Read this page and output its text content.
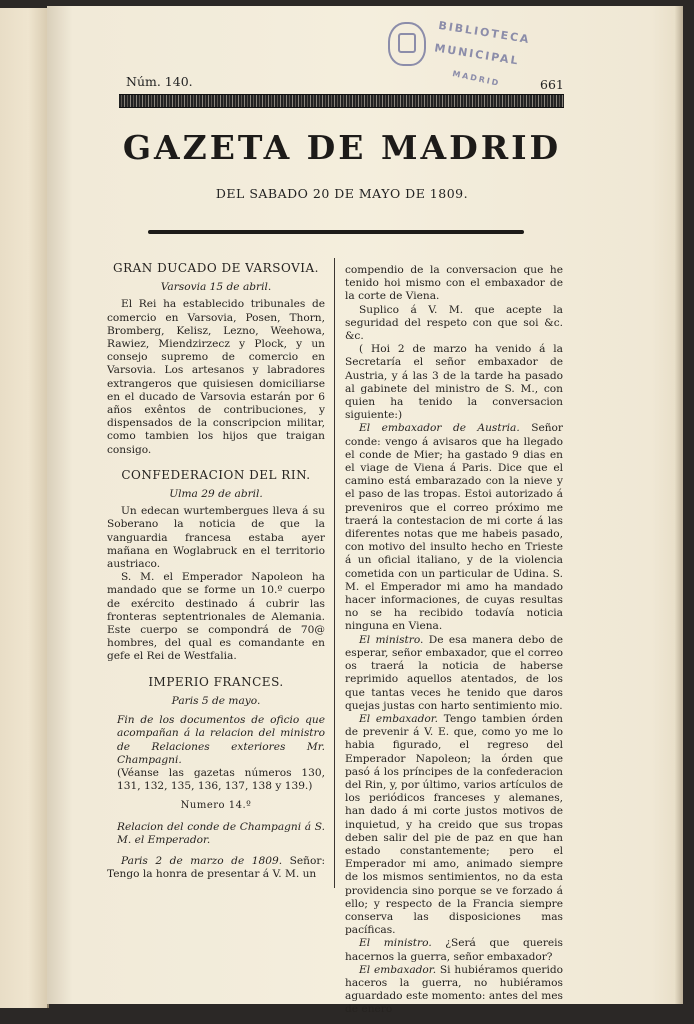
BIBLIOTECA
MUNICIPAL
MADRID
Núm. 140.	661
GAZETA DE MADRID
DEL SABADO 20 DE MAYO DE 1809.
GRAN DUCADO DE VARSOVIA.

Varsovia 15 de abril.

El Rei ha establecido tribunales de comercio en Varsovia, Posen, Thorn, Bromberg, Kelisz, Lezno, Weehowa, Rawiez, Miendzirzecz y Plock, y un consejo supremo de comercio en Varsovia. Los artesanos y labradores extrangeros que quisiesen domiciliarse en el ducado de Varsovia estarán por 6 años exêntos de contribuciones, y dispensados de la conscripcion militar, como tambien los hijos que traigan consigo.

CONFEDERACION DEL RIN.

Ulma 29 de abril.

Un edecan wurtembergues lleva á su Soberano la noticia de que la vanguardia francesa estaba ayer mañana en Woglabruck en el territorio austriaco.

S. M. el Emperador Napoleon ha mandado que se forme un 10.º cuerpo de exército destinado á cubrir las fronteras septentrionales de Alemania. Este cuerpo se compondrá de 70@ hombres, del qual es comandante en gefe el Rei de Westfalia.

IMPERIO FRANCES.

Paris 5 de mayo.

Fin de los documentos de oficio que acompañan á la relacion del ministro de Relaciones exteriores Mr. Champagni.

(Véanse las gazetas números 130, 131, 132, 135, 136, 137, 138 y 139.)

Numero 14.º

Relacion del conde de Champagni á S. M. el Emperador.

Paris 2 de marzo de 1809. Señor: Tengo la honra de presentar á V. M. un

compendio de la conversacion que he tenido hoi mismo con el embaxador de la corte de Viena.

Suplico á V. M. que acepte la seguridad del respeto con que soi &c. &c.

( Hoi 2 de marzo ha venido á la Secretaría el señor embaxador de Austria, y á las 3 de la tarde ha pasado al gabinete del ministro de S. M., con quien ha tenido la conversacion siguiente:)

El embaxador de Austria. Señor conde: vengo á avisaros que ha llegado el conde de Mier; ha gastado 9 dias en el viage de Viena á Paris. Dice que el camino está embarazado con la nieve y el paso de las tropas. Estoi autorizado á preveniros que el correo próximo me traerá la contestacion de mi corte á las diferentes notas que me habeis pasado, con motivo del insulto hecho en Trieste á un oficial italiano, y de la violencia cometida con un particular de Udina. S. M. el Emperador mi amo ha mandado hacer informaciones, de cuyas resultas no se ha recibido todavía noticia ninguna en Viena.

El ministro. De esa manera debo de esperar, señor embaxador, que el correo os traerá la noticia de haberse reprimido aquellos atentados, de los que tantas veces he tenido que daros quejas justas con harto sentimiento mio.

El embaxador. Tengo tambien órden de prevenir á V. E. que, como yo me lo habia figurado, el regreso del Emperador Napoleon; la órden que pasó á los príncipes de la confederacion del Rin, y, por último, varios artículos de los periódicos franceses y alemanes, han dado á mi corte justos motivos de inquietud, y ha creido que sus tropas deben salir del pie de paz en que han estado constantemente; pero el Emperador mi amo, animado siempre de los mismos sentimientos, no da esta providencia sino porque se ve forzado á ello; y respecto de la Francia siempre conserva las disposiciones mas pacíficas.

El ministro. ¿Será que quereis hacernos la guerra, señor embaxador?

El embaxador. Si hubiéramos querido haceros la guerra, no hubiéramos aguardado este momento: antes del mes de enero
